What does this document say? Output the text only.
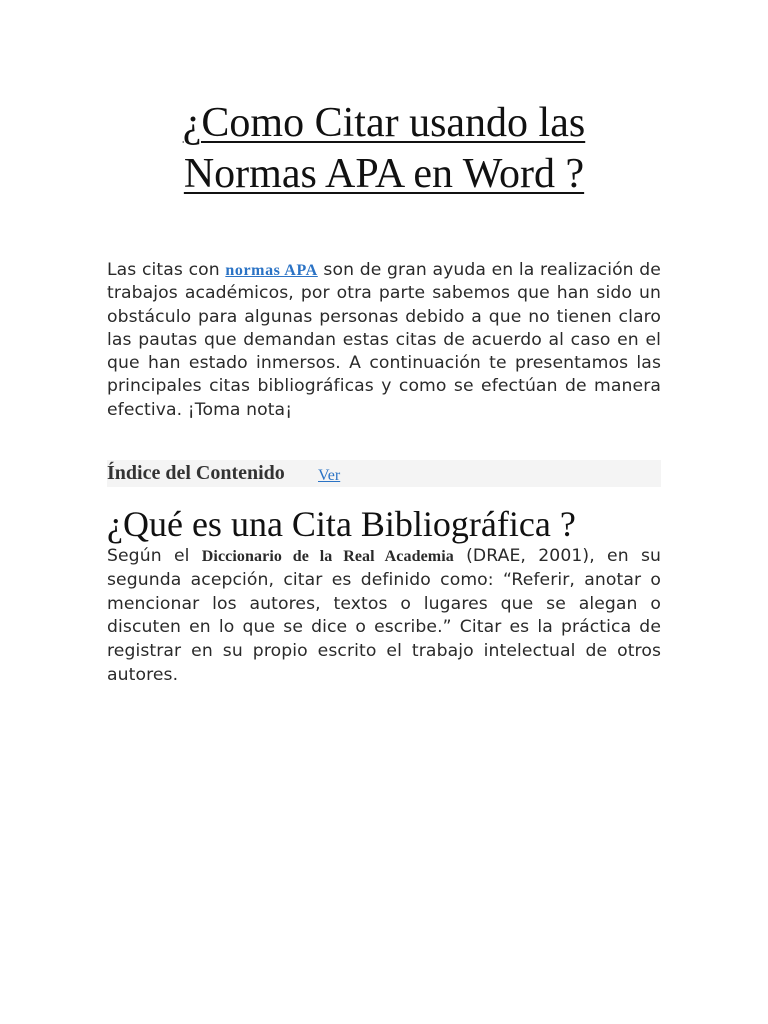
¿Como Citar usando las
Normas APA en Word ?

Las citas con normas APA son de gran ayuda en la realización de trabajos académicos, por otra parte sabemos que han sido un obstáculo para algunas personas debido a que no tienen claro las pautas que demandan estas citas de acuerdo al caso en el que han estado inmersos. A continuación te presentamos las principales citas bibliográficas y como se efectúan de manera efectiva. ¡Toma nota¡

Índice del Contenido Ver
¿Qué es una Cita Bibliográfica ?

Según el Diccionario de la Real Academia (DRAE, 2001), en su segunda acepción, citar es definido como: “Referir, anotar o mencionar los autores, textos o lugares que se alegan o discuten en lo que se dice o escribe.” Citar es la práctica de registrar en su propio escrito el trabajo intelectual de otros autores.
